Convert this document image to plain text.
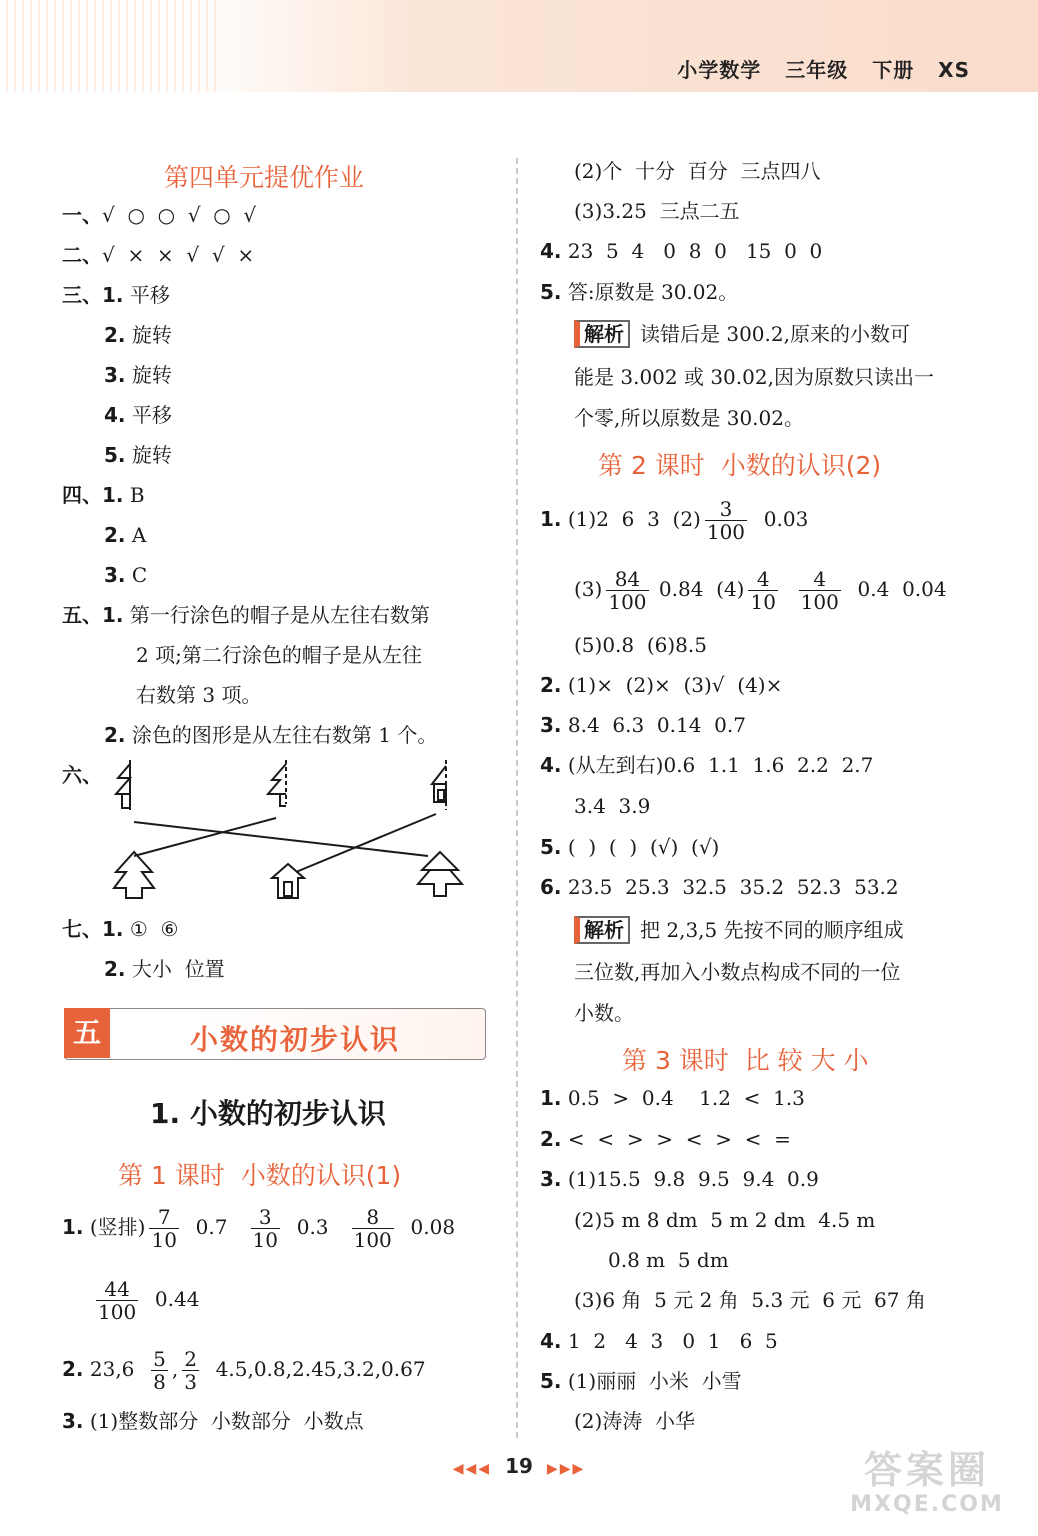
小学数学 三年级 下册 XS
第四单元提优作业
一、√  ○  ○  √  ○  √
二、√  ×  ×  √  √  ×
三、1. 平移
2. 旋转
3. 旋转
4. 平移
5. 旋转
四、1. B
2. A
3. C
五、1. 第一行涂色的帽子是从左往右数第
2 项;第二行涂色的帽子是从左往
右数第 3 项。
2. 涂色的图形是从左往右数第 1 个。
六、
七、1. ①  ⑥
2. 大小  位置
五	小数的初步认识
1. 小数的初步认识
第 1 课时  小数的认识(1)
1. (竖排) $\frac{7}{10} 0.7 \frac{3}{10} 0.3 \frac{8}{100} 0.08$
$\frac{44}{100} 0.44$
2. $23,6 \frac{5}{8}$ , $\frac{2}{3} 4.5,0.8,2.45,3.2,0.67$
3. (1)整数部分  小数部分  小数点
(2)个  十分  百分  三点四八
(3)3.25  三点二五
4. 23  5  4   0  8  0   15  0  0
5. 答:原数是 30.02。
解析 读错后是 300.2,原来的小数可
能是 3.002 或 30.02,因为原数只读出一
个零,所以原数是 30.02。
第 2 课时  小数的认识(2)
1. (1)2  6  3  $(2) \frac{3}{100} 0.03$
$(3) \frac{84}{100} 0.84$  $(4) \frac{4}{10}$
$\frac{4}{100} 0.4$  0.04
(5)0.8  (6)8.5
2. (1)×  (2)×  (3)√  (4)×
3. 8.4  6.3  0.14  0.7
4. (从左到右)0.6  1.1  1.6  2.2  2.7
3.4  3.9
5. (  )  (  )  (√)  (√)
6. 23.5  25.3  32.5  35.2  52.3  53.2
解析 把 2,3,5 先按不同的顺序组成
三位数,再加入小数点构成不同的一位
小数。
第 3 课时  比 较 大 小
1. 0.5  >  0.4    1.2  <  1.3
2. <  <  >  >  <  >  <  =
3. (1)15.5  9.8  9.5  9.4  0.9
(2)5 m 8 dm  5 m 2 dm  4.5 m
0.8 m  5 dm
(3)6 角  5 元 2 角  5.3 元  6 元  67 角
4. 1  2   4  3   0  1   6  5
5. (1)丽丽  小米  小雪
(2)涛涛  小华
◀◀◀ 19 ▶▶▶	答案圈
MXQE.COM
